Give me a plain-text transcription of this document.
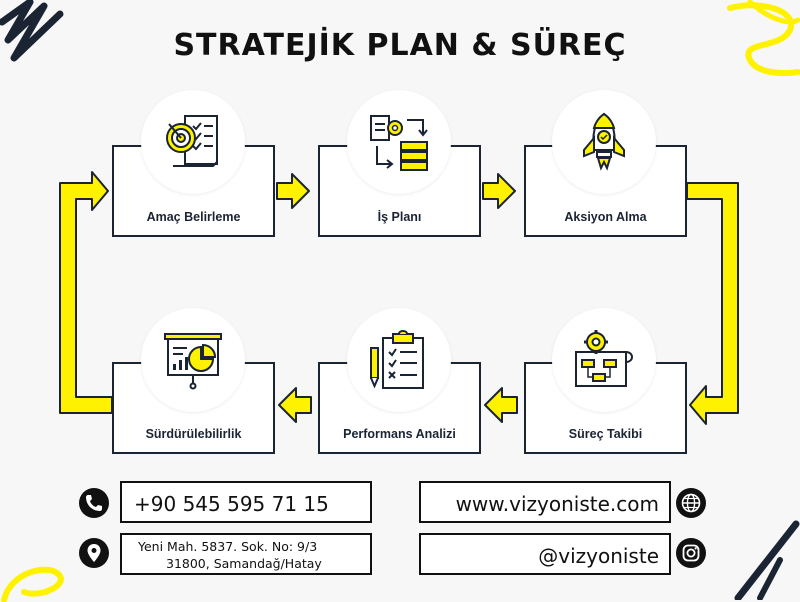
STRATEJİK PLAN & SÜREÇ
Amaç Belirleme	İş Planı	Aksiyon Alma
Süreç Takibi
Performans Analizi
Sürdürülebilirlik
+90 545 595 71 15
Yeni Mah. 5837. Sok. No: 9/3
31800, Samandağ/Hatay
www.vizyoniste.com
@vizyoniste
